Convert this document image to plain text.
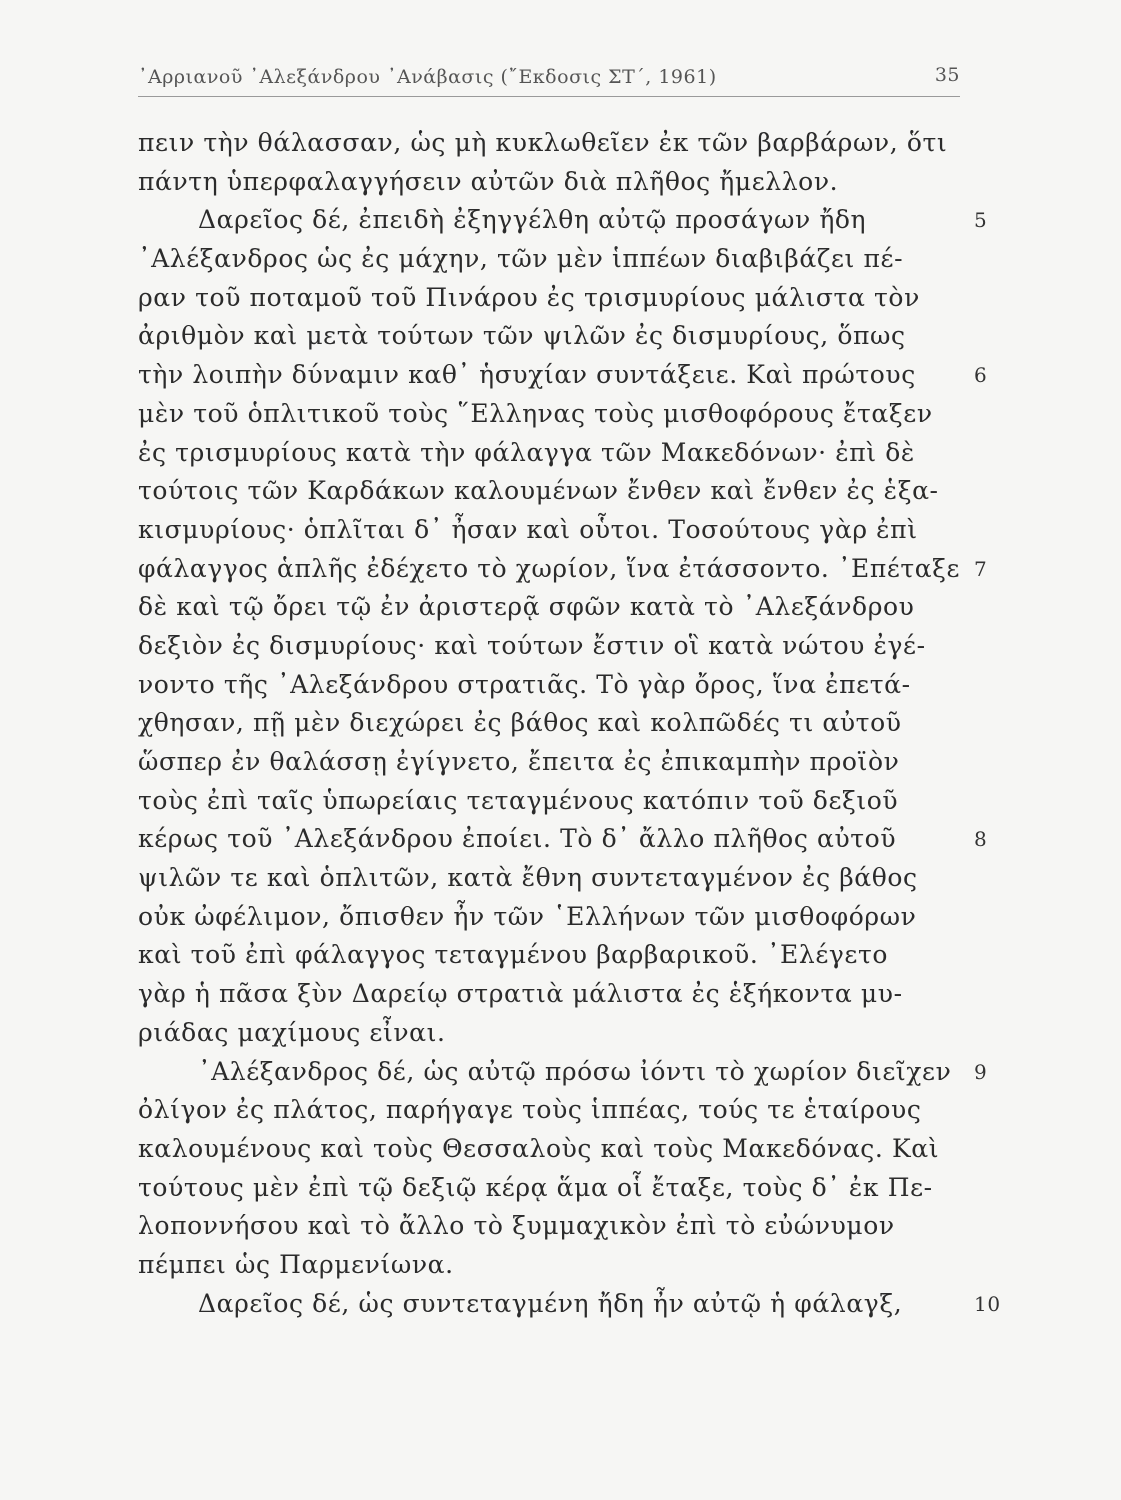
᾿Αρριανοῦ ᾿Αλεξάνδρου ᾿Ανάβασις (῎Εκδοσις ΣΤ΄, 1961)	35
πειν τὴν θάλασσαν, ὡς μὴ κυκλωθεῖεν ἐκ τῶν βαρβάρων, ὅτι
πάντη ὑπερφαλαγγήσειν αὐτῶν διὰ πλῆθος ἤμελλον.
Δαρεῖος δέ, ἐπειδὴ ἐξηγγέλθη αὐτῷ προσάγων ἤδη	5
᾿Αλέξανδρος ὡς ἐς μάχην, τῶν μὲν ἱππέων διαβιβάζει πέ-
ραν τοῦ ποταμοῦ τοῦ Πινάρου ἐς τρισμυρίους μάλιστα τὸν
ἀριθμὸν καὶ μετὰ τούτων τῶν ψιλῶν ἐς δισμυρίους, ὅπως
τὴν λοιπὴν δύναμιν καθ᾿ ἡσυχίαν συντάξειε. Καὶ πρώτους	6
μὲν τοῦ ὁπλιτικοῦ τοὺς ῞Ελληνας τοὺς μισθοφόρους ἔταξεν
ἐς τρισμυρίους κατὰ τὴν φάλαγγα τῶν Μακεδόνων· ἐπὶ δὲ
τούτοις τῶν Καρδάκων καλουμένων ἔνθεν καὶ ἔνθεν ἐς ἑξα-
κισμυρίους· ὁπλῖται δ᾿ ἦσαν καὶ οὗτοι. Τοσούτους γὰρ ἐπὶ
φάλαγγος ἁπλῆς ἐδέχετο τὸ χωρίον, ἵνα ἐτάσσοντο. ᾿Επέταξε 7
δὲ καὶ τῷ ὄρει τῷ ἐν ἀριστερᾷ σφῶν κατὰ τὸ ᾿Αλεξάνδρου
δεξιὸν ἐς δισμυρίους· καὶ τούτων ἔστιν οἳ κατὰ νώτου ἐγέ-
νοντο τῆς ᾿Αλεξάνδρου στρατιᾶς. Τὸ γὰρ ὄρος, ἵνα ἐπετά-
χθησαν, πῇ μὲν διεχώρει ἐς βάθος καὶ κολπῶδές τι αὐτοῦ
ὥσπερ ἐν θαλάσσῃ ἐγίγνετο, ἔπειτα ἐς ἐπικαμπὴν προϊὸν
τοὺς ἐπὶ ταῖς ὑπωρείαις τεταγμένους κατόπιν τοῦ δεξιοῦ
κέρως τοῦ ᾿Αλεξάνδρου ἐποίει. Τὸ δ᾿ ἄλλο πλῆθος αὐτοῦ	8
ψιλῶν τε καὶ ὁπλιτῶν, κατὰ ἔθνη συντεταγμένον ἐς βάθος
οὐκ ὠφέλιμον, ὄπισθεν ἦν τῶν ῾Ελλήνων τῶν μισθοφόρων
καὶ τοῦ ἐπὶ φάλαγγος τεταγμένου βαρβαρικοῦ. ᾿Ελέγετο
γὰρ ἡ πᾶσα ξὺν Δαρείῳ στρατιὰ μάλιστα ἐς ἑξήκοντα μυ-
ριάδας μαχίμους εἶναι.
᾿Αλέξανδρος δέ, ὡς αὐτῷ πρόσω ἰόντι τὸ χωρίον διεῖχεν 9
ὀλίγον ἐς πλάτος, παρήγαγε τοὺς ἱππέας, τούς τε ἑταίρους
καλουμένους καὶ τοὺς Θεσσαλοὺς καὶ τοὺς Μακεδόνας. Καὶ
τούτους μὲν ἐπὶ τῷ δεξιῷ κέρᾳ ἅμα οἷ ἔταξε, τοὺς δ᾿ ἐκ Πε-
λοποννήσου καὶ τὸ ἄλλο τὸ ξυμμαχικὸν ἐπὶ τὸ εὐώνυμον
πέμπει ὡς Παρμενίωνα.
Δαρεῖος δέ, ὡς συντεταγμένη ἤδη ἦν αὐτῷ ἡ φάλαγξ,	10
